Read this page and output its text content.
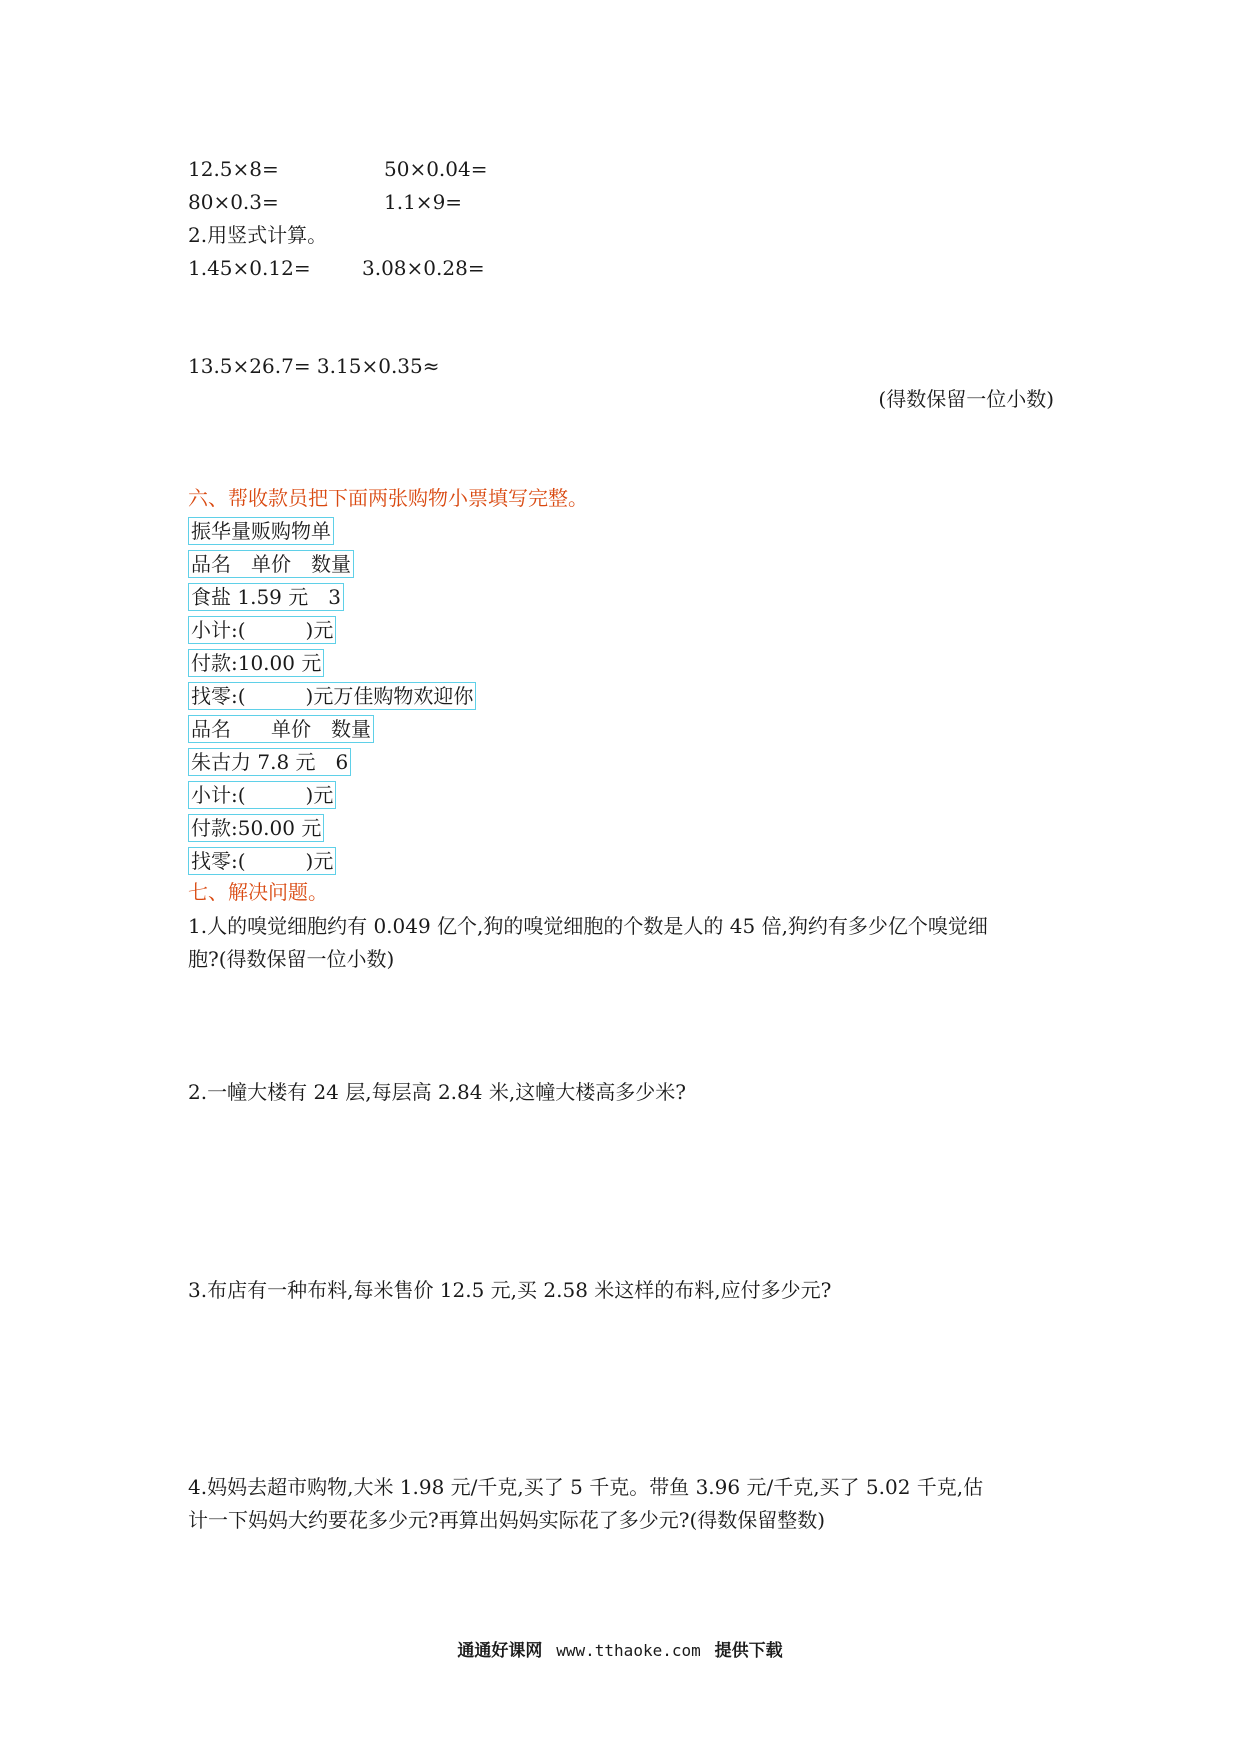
12.5×8=	50×0.04=
80×0.3=	1.1×9=
2.用竖式计算。
1.45×0.12=	3.08×0.28=
13.5×26.7= 3.15×0.35≈
(得数保留一位小数)
六、帮收款员把下面两张购物小票填写完整。
振华量贩购物单
品名　单价　数量
食盐 1.59 元　3
小计:(　　　)元
付款:10.00 元
找零:(　　　)元万佳购物欢迎你
品名　　单价　数量
朱古力 7.8 元　6
小计:(　　　)元
付款:50.00 元
找零:(　　　)元
七、解决问题。
1.人的嗅觉细胞约有 0.049 亿个,狗的嗅觉细胞的个数是人的 45 倍,狗约有多少亿个嗅觉细
胞?(得数保留一位小数)
2.一幢大楼有 24 层,每层高 2.84 米,这幢大楼高多少米?
3.布店有一种布料,每米售价 12.5 元,买 2.58 米这样的布料,应付多少元?
4.妈妈去超市购物,大米 1.98 元/千克,买了 5 千克。带鱼 3.96 元/千克,买了 5.02 千克,估
计一下妈妈大约要花多少元?再算出妈妈实际花了多少元?(得数保留整数)
通通好课网 www.tthaoke.com 提供下载
